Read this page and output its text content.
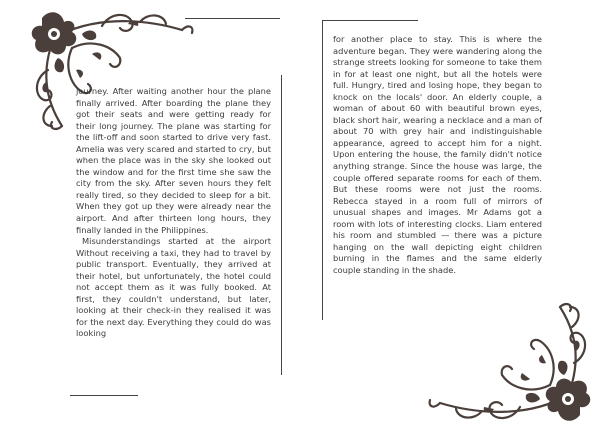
journey. After waiting another hour the plane finally arrived. After boarding the plane they got their seats and were getting ready for their long journey. The plane was starting for the lift-off and soon started to drive very fast. Amelia was very scared and started to cry, but when the place was in the sky she looked out the window and for the first time she saw the city from the sky. After seven hours they felt really tired, so they decided to sleep for a bit. When they got up they were already near the airport. And after thirteen long hours, they finally landed in the Philippines.

Misunderstandings started at the airport Without receiving a taxi, they had to travel by public transport. Eventually, they arrived at their hotel, but unfortunately, the hotel could not accept them as it was fully booked. At first, they couldn't understand, but later, looking at their check-in they realised it was for the next day. Everything they could do was looking

for another place to stay. This is where the adventure began. They were wandering along the strange streets looking for someone to take them in for at least one night, but all the hotels were full. Hungry, tired and losing hope, they began to knock on the locals' door. An elderly couple, a woman of about 60 with beautiful brown eyes, black short hair, wearing a necklace and a man of about 70 with grey hair and indistinguishable appearance, agreed to accept him for a night. Upon entering the house, the family didn't notice anything strange. Since the house was large, the couple offered separate rooms for each of them. But these rooms were not just the rooms. Rebecca stayed in a room full of mirrors of unusual shapes and images. Mr Adams got a room with lots of interesting clocks. Liam entered his room and stumbled — there was a picture hanging on the wall depicting eight children burning in the flames and the same elderly couple standing in the shade.
